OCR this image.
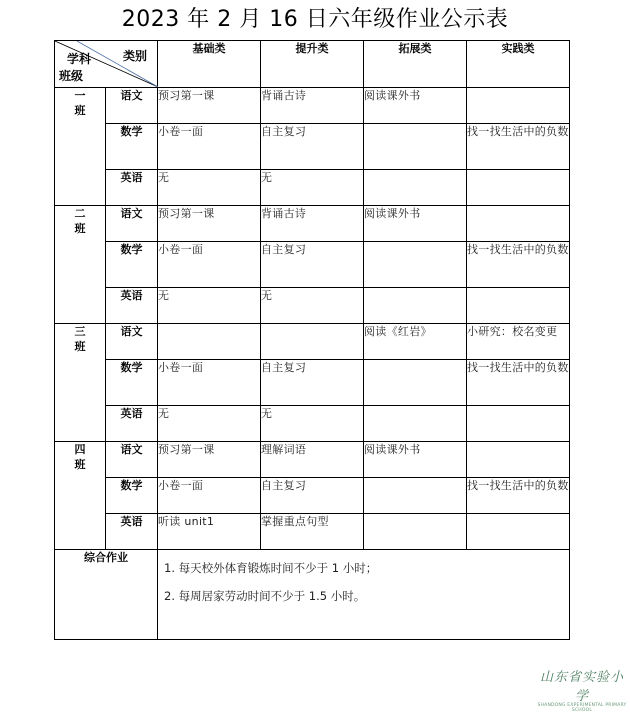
2023 年 2 月 16 日六年级作业公示表
类别
学科
班级		基础类	提升类	拓展类	实践类

一
班	语文	预习第一课	背诵古诗	阅读课外书	
	数学	小卷一面	自主复习		找一找生活中的负数
	英语	无	无		

二
班	语文	预习第一课	背诵古诗	阅读课外书	
	数学	小卷一面	自主复习		找一找生活中的负数
	英语	无	无		

三
班	语文			阅读《红岩》	小研究：校名变更
	数学	小卷一面	自主复习		找一找生活中的负数
	英语	无	无		

四
班	语文	预习第一课	理解词语	阅读课外书	
	数学	小卷一面	自主复习		找一找生活中的负数
	英语	听读 unit1	掌握重点句型		
综合作业		1. 每天校外体育锻炼时间不少于 1 小时；
2. 每周居家劳动时间不少于 1.5 小时。			
山东省实验小学
SHANDONG EXPERIMENTAL PRIMARY SCHOOL
